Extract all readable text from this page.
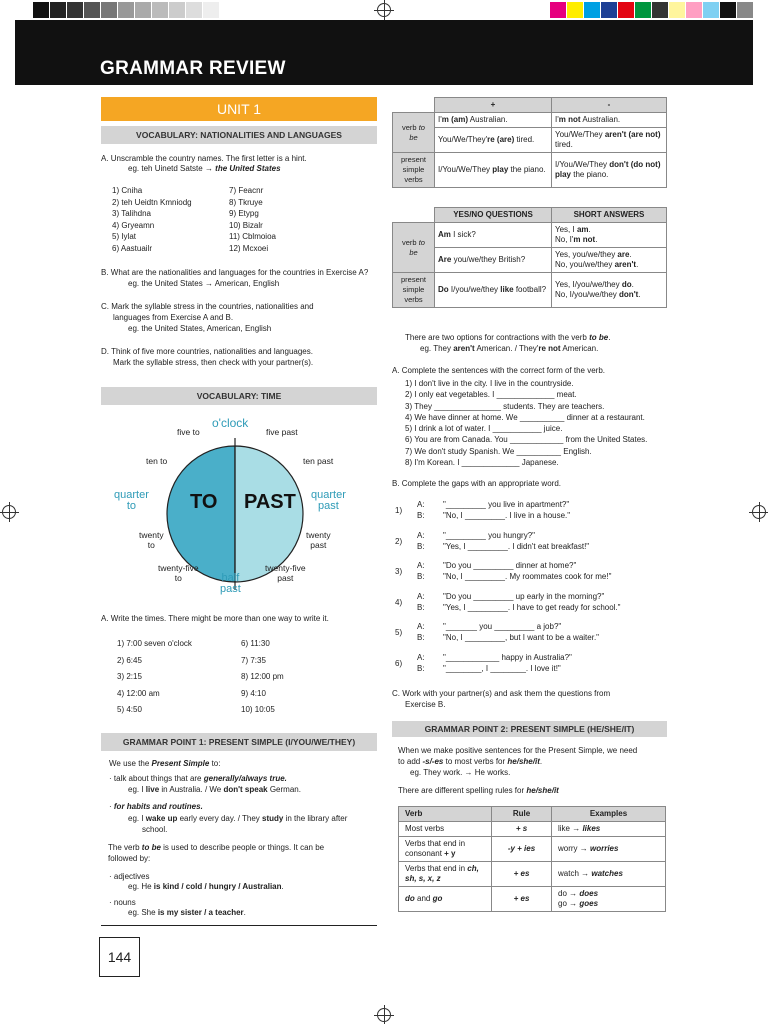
GRAMMAR REVIEW
UNIT 1
VOCABULARY: NATIONALITIES AND LANGUAGES
A. Unscramble the country names. The first letter is a hint.
eg. teh Uinetd Satste → the United States
1) Cniha
2) teh Ueidtn Kmniodg
3) Talihdna
4) Gryeamn
5) Iylat
6) Aastuailr
7) Feacnr
8) Tkruye
9) Etypg
10) Bizalr
11) Cblmoioa
12) Mcxoei
B. What are the nationalities and languages for the countries in Exercise A?
eg. the United States → American, English
C. Mark the syllable stress in the countries, nationalities and
languages from Exercise A and B.
eg. the United States, American, English
D. Think of five more countries, nationalities and languages.
Mark the syllable stress, then check with your partner(s).
VOCABULARY: TIME
TO PAST
o'clock
five to	five past
ten to	ten past
quarter
to
quarter
past
twenty
to
twenty
past
twenty-five
to
twenty-five
past
half
past
A. Write the times. There might be more than one way to write it.
1) 7:00 seven o'clock
2) 6:45
3) 2:15
4) 12:00 am
5) 4:50
6) 11:30
7) 7:35
8) 12:00 pm
9) 4:10
10) 10:05
GRAMMAR POINT 1: PRESENT SIMPLE (I/YOU/WE/THEY)
We use the Present Simple to:
· talk about things that are generally/always true.
eg. I live in Australia. / We don't speak German.
· for habits and routines.
eg. I wake up early every day. / They study in the library after
school.
The verb to be is used to describe people or things. It can be
followed by:
· adjectives
eg. He is kind / cold / hungry / Australian.
· nouns
eg. She is my sister / a teacher.
144
	+	-
verb to
be	I'm (am) Australian.	I'm not Australian.
	You/We/They're (are) tired.	You/We/They aren't (are not) tired.
present
simple
verbs	I/You/We/They play the piano.	I/You/We/They don't (do not) play the piano.
	YES/NO QUESTIONS	SHORT ANSWERS
verb to
be	Am I sick?	Yes, I am.
No, I'm not.
	Are you/we/they British?	Yes, you/we/they are.
No, you/we/they aren't.
present
simple
verbs	Do I/you/we/they like football?	Yes, I/you/we/they do.
No, I/you/we/they don't.
There are two options for contractions with the verb to be.
eg. They aren't American. / They're not American.
A. Complete the sentences with the correct form of the verb.
1) I don't live in the city. I live in the countryside.
2) I only eat vegetables. I _____________ meat.
3) They _______________ students. They are teachers.
4) We have dinner at home. We __________ dinner at a restaurant.
5) I drink a lot of water. I ___________ juice.
6) You are from Canada. You ____________ from the United States.
7) We don't study Spanish. We __________ English.
8) I'm Korean. I _____________ Japanese.
B. Complete the gaps with an appropriate word.
1)
A:
B:
"_________ you live in apartment?"
"No, I _________. I live in a house."
2)
A:
B:
"_________ you hungry?"
"Yes, I _________. I didn't eat breakfast!"
3)
A:
B:
"Do you _________ dinner at home?"
"No, I _________. My roommates cook for me!"
4)
A:
B:
"Do you _________ up early in the morning?"
"Yes, I _________. I have to get ready for school."
5)
A:
B:
"_______ you _________ a job?"
"No, I _________, but I want to be a waiter."
6)
A:
B:
"____________ happy in Australia?"
"________, I ________. I love it!"
C. Work with your partner(s) and ask them the questions from
Exercise B.
GRAMMAR POINT 2: PRESENT SIMPLE (HE/SHE/IT)
When we make positive sentences for the Present Simple, we need
to add -s/-es to most verbs for he/she/it.
eg. They work. → He works.
There are different spelling rules for he/she/it
Verb	Rule	Examples
Most verbs	+ s	like → likes
Verbs that end in consonant + y	-y + ies	worry → worries
Verbs that end in ch, sh, s, x, z	+ es	watch → watches
do and go	+ es	do → does
go → goes
